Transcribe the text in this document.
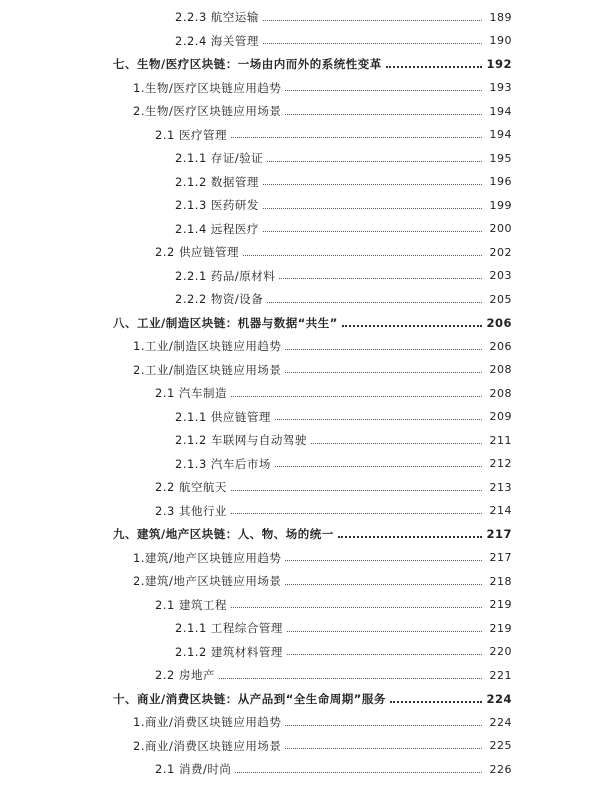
2.2.3 航空运输	189
2.2.4 海关管理	190
七、生物/医疗区块链：一场由内而外的系统性变革	192
1.生物/医疗区块链应用趋势	193
2.生物/医疗区块链应用场景	194
2.1 医疗管理	194
2.1.1 存证/验证	195
2.1.2 数据管理	196
2.1.3 医药研发	199
2.1.4 远程医疗	200
2.2 供应链管理	202
2.2.1 药品/原材料	203
2.2.2 物资/设备	205
八、工业/制造区块链：机器与数据“共生”	206
1.工业/制造区块链应用趋势	206
2.工业/制造区块链应用场景	208
2.1 汽车制造	208
2.1.1 供应链管理	209
2.1.2 车联网与自动驾驶	211
2.1.3 汽车后市场	212
2.2 航空航天	213
2.3 其他行业	214
九、建筑/地产区块链：人、物、场的统一	217
1.建筑/地产区块链应用趋势	217
2.建筑/地产区块链应用场景	218
2.1 建筑工程	219
2.1.1 工程综合管理	219
2.1.2 建筑材料管理	220
2.2 房地产	221
十、商业/消费区块链：从产品到“全生命周期”服务	224
1.商业/消费区块链应用趋势	224
2.商业/消费区块链应用场景	225
2.1 消费/时尚	226
